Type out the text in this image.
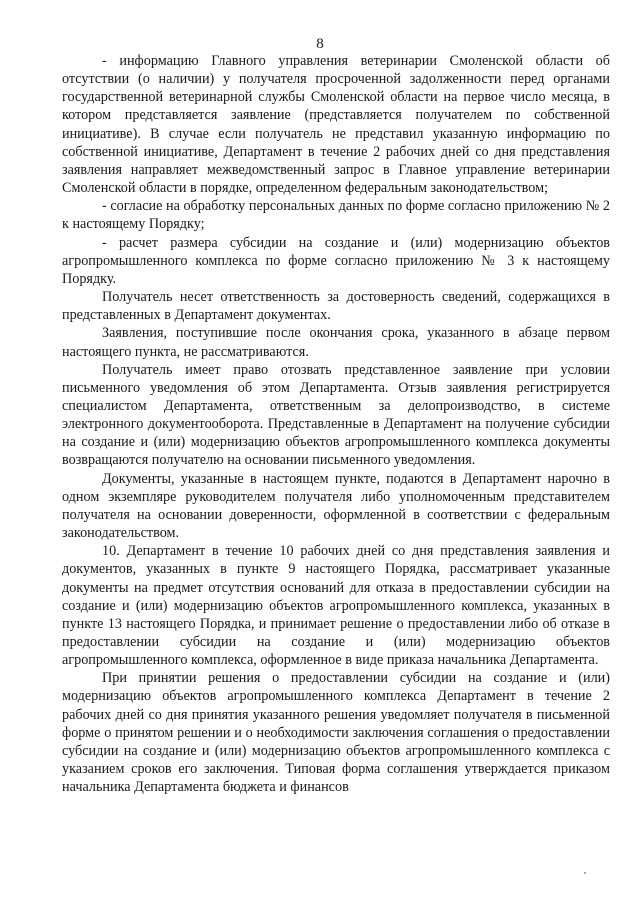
8

- информацию Главного управления ветеринарии Смоленской области об отсутствии (о наличии) у получателя просроченной задолженности перед органами государственной ветеринарной службы Смоленской области на первое число месяца, в котором представляется заявление (представляется получателем по собственной инициативе). В случае если получатель не представил указанную информацию по собственной инициативе, Департамент в течение 2 рабочих дней со дня представления заявления направляет межведомственный запрос в Главное управление ветеринарии Смоленской области в порядке, определенном федеральным законодательством;

- согласие на обработку персональных данных по форме согласно приложению № 2 к настоящему Порядку;

- расчет размера субсидии на создание и (или) модернизацию объектов агропромышленного комплекса по форме согласно приложению № 3 к настоящему Порядку.

Получатель несет ответственность за достоверность сведений, содержащихся в представленных в Департамент документах.

Заявления, поступившие после окончания срока, указанного в абзаце первом настоящего пункта, не рассматриваются.

Получатель имеет право отозвать представленное заявление при условии письменного уведомления об этом Департамента. Отзыв заявления регистрируется специалистом Департамента, ответственным за делопроизводство, в системе электронного документооборота. Представленные в Департамент на получение субсидии на создание и (или) модернизацию объектов агропромышленного комплекса документы возвращаются получателю на основании письменного уведомления.

Документы, указанные в настоящем пункте, подаются в Департамент нарочно в одном экземпляре руководителем получателя либо уполномоченным представителем получателя на основании доверенности, оформленной в соответствии с федеральным законодательством.

10. Департамент в течение 10 рабочих дней со дня представления заявления и документов, указанных в пункте 9 настоящего Порядка, рассматривает указанные документы на предмет отсутствия оснований для отказа в предоставлении субсидии на создание и (или) модернизацию объектов агропромышленного комплекса, указанных в пункте 13 настоящего Порядка, и принимает решение о предоставлении либо об отказе в предоставлении субсидии на создание и (или) модернизацию объектов агропромышленного комплекса, оформленное в виде приказа начальника Департамента.

При принятии решения о предоставлении субсидии на создание и (или) модернизацию объектов агропромышленного комплекса Департамент в течение 2 рабочих дней со дня принятия указанного решения уведомляет получателя в письменной форме о принятом решении и о необходимости заключения соглашения о предоставлении субсидии на создание и (или) модернизацию объектов агропромышленного комплекса с указанием сроков его заключения. Типовая форма соглашения утверждается приказом начальника Департамента бюджета и финансов
